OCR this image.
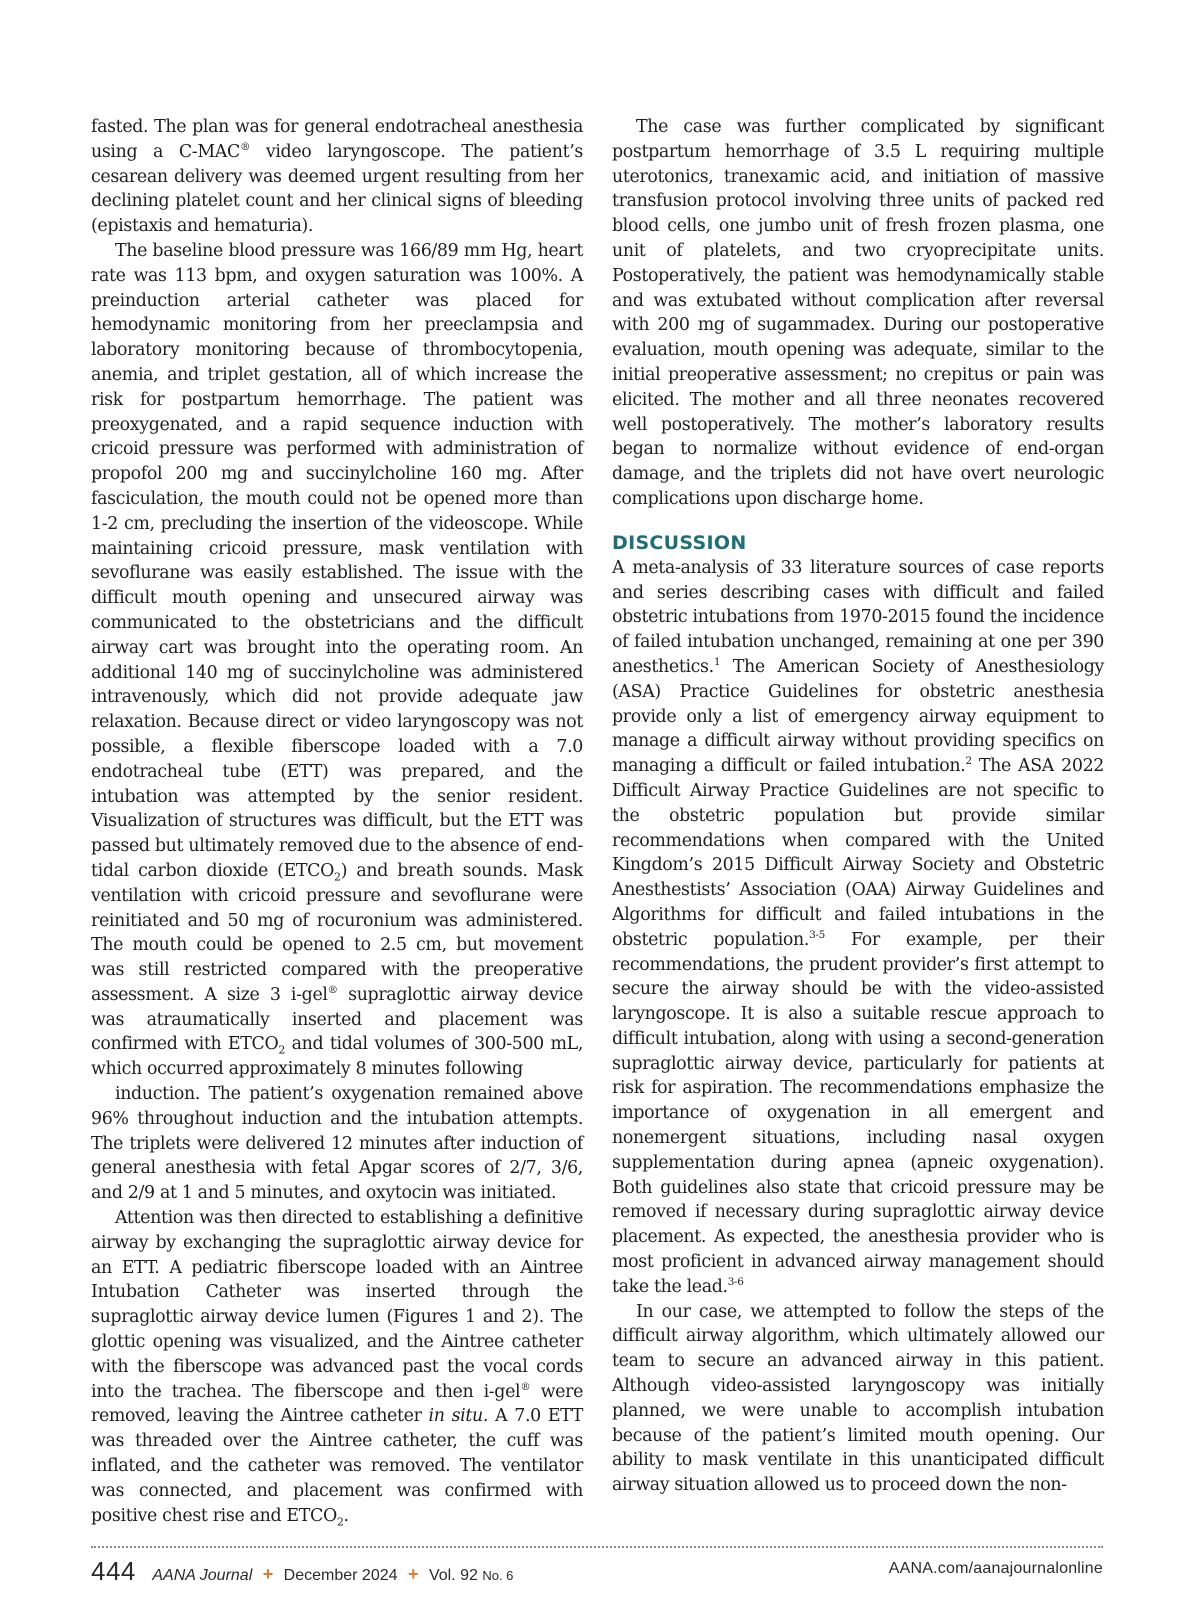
fasted. The plan was for general endotracheal anesthesia using a C-MAC® video laryngoscope. The patient’s cesarean delivery was deemed urgent resulting from her declining platelet count and her clinical signs of bleeding (epistaxis and hematuria).

The baseline blood pressure was 166/89 mm Hg, heart rate was 113 bpm, and oxygen saturation was 100%. A preinduction arterial catheter was placed for hemodynamic monitoring from her preeclampsia and laboratory monitoring because of thrombocytopenia, anemia, and triplet gestation, all of which increase the risk for postpartum hemorrhage. The patient was preoxygenated, and a rapid sequence induction with cricoid pressure was performed with administration of propofol 200 mg and succinylcholine 160 mg. After fasciculation, the mouth could not be opened more than 1-2 cm, precluding the insertion of the videoscope. While maintaining cricoid pressure, mask ventilation with sevoflurane was easily established. The issue with the difficult mouth opening and unsecured airway was communicated to the obstetricians and the difficult airway cart was brought into the operating room. An additional 140 mg of succinylcholine was administered intravenously, which did not provide adequate jaw relaxation. Because direct or video laryngoscopy was not possible, a flexible fiberscope loaded with a 7.0 endotracheal tube (ETT) was prepared, and the intubation was attempted by the senior resident. Visualization of structures was difficult, but the ETT was passed but ultimately removed due to the absence of end-tidal carbon dioxide $(ETCO_2)$ and breath sounds. Mask ventilation with cricoid pressure and sevoflurane were reinitiated and 50 mg of rocuronium was administered. The mouth could be opened to 2.5 cm, but movement was still restricted compared with the preoperative assessment. A size 3 i-gel® supraglottic airway device was atraumatically inserted and placement was confirmed with $ETCO_2$ and tidal volumes of 300-500 mL, which occurred approximately 8 minutes following

induction. The patient’s oxygenation remained above 96% throughout induction and the intubation attempts. The triplets were delivered 12 minutes after induction of general anesthesia with fetal Apgar scores of 2/7, 3/6, and 2/9 at 1 and 5 minutes, and oxytocin was initiated.

Attention was then directed to establishing a definitive airway by exchanging the supraglottic airway device for an ETT. A pediatric fiberscope loaded with an Aintree Intubation Catheter was inserted through the supraglottic airway device lumen (Figures 1 and 2). The glottic opening was visualized, and the Aintree catheter with the fiberscope was advanced past the vocal cords into the trachea. The fiberscope and then i-gel® were removed, leaving the Aintree catheter in situ. A 7.0 ETT was threaded over the Aintree catheter, the cuff was inflated, and the catheter was removed. The ventilator was connected, and placement was confirmed with positive chest rise and $ETCO_2$.

The case was further complicated by significant postpartum hemorrhage of 3.5 L requiring multiple uterotonics, tranexamic acid, and initiation of massive transfusion protocol involving three units of packed red blood cells, one jumbo unit of fresh frozen plasma, one unit of platelets, and two cryoprecipitate units. Postoperatively, the patient was hemodynamically stable and was extubated without complication after reversal with 200 mg of sugammadex. During our postoperative evaluation, mouth opening was adequate, similar to the initial preoperative assessment; no crepitus or pain was elicited. The mother and all three neonates recovered well postoperatively. The mother’s laboratory results began to normalize without evidence of end-organ damage, and the triplets did not have overt neurologic complications upon discharge home.

DISCUSSION

A meta-analysis of 33 literature sources of case reports and series describing cases with difficult and failed obstetric intubations from 1970-2015 found the incidence of failed intubation unchanged, remaining at one per 390 anesthetics.$^1$ The American Society of Anesthesiology (ASA) Practice Guidelines for obstetric anesthesia provide only a list of emergency airway equipment to manage a difficult airway without providing specifics on managing a difficult or failed intubation.$^2$ The ASA 2022 Difficult Airway Practice Guidelines are not specific to the obstetric population but provide similar recommendations when compared with the United Kingdom’s 2015 Difficult Airway Society and Obstetric Anesthestists’ Association (OAA) Airway Guidelines and Algorithms for difficult and failed intubations in the obstetric population.$^{3-5}$ For example, per their recommendations, the prudent provider’s first attempt to secure the airway should be with the video-assisted laryngoscope. It is also a suitable rescue approach to difficult intubation, along with using a second-generation supraglottic airway device, particularly for patients at risk for aspiration. The recommendations emphasize the importance of oxygenation in all emergent and nonemergent situations, including nasal oxygen supplementation during apnea (apneic oxygenation). Both guidelines also state that cricoid pressure may be removed if necessary during supraglottic airway device placement. As expected, the anesthesia provider who is most proficient in advanced airway management should take the lead.$^{3-6}$

In our case, we attempted to follow the steps of the difficult airway algorithm, which ultimately allowed our team to secure an advanced airway in this patient. Although video-assisted laryngoscopy was initially planned, we were unable to accomplish intubation because of the patient’s limited mouth opening. Our ability to mask ventilate in this unanticipated difficult airway situation allowed us to proceed down the non-

444 AANA Journal + December 2024 + Vol. 92 No. 6	AANA.com/aanajournalonline
